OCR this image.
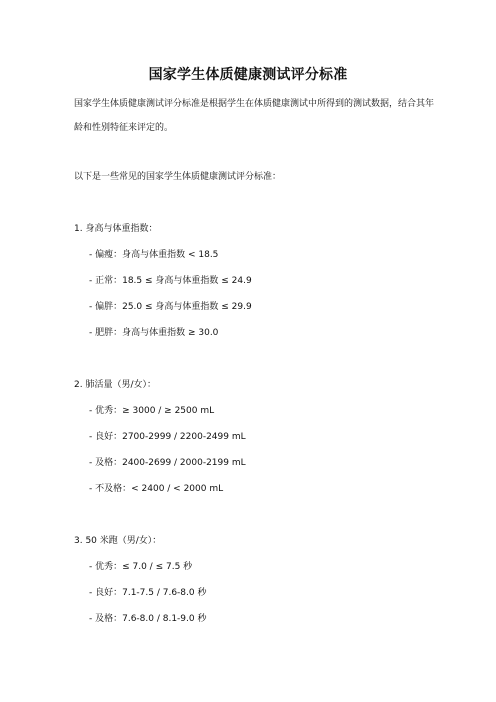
国家学生体质健康测试评分标准
国家学生体质健康测试评分标准是根据学生在体质健康测试中所得到的测试数据，结合其年龄和性别特征来评定的。
以下是一些常见的国家学生体质健康测试评分标准：
1. 身高与体重指数：
- 偏瘦：身高与体重指数 < 18.5
- 正常：18.5 ≤ 身高与体重指数 ≤ 24.9
- 偏胖：25.0 ≤ 身高与体重指数 ≤ 29.9
- 肥胖：身高与体重指数 ≥ 30.0
2. 肺活量（男/女）：
- 优秀：≥ 3000 / ≥ 2500 mL
- 良好：2700-2999 / 2200-2499 mL
- 及格：2400-2699 / 2000-2199 mL
- 不及格：< 2400 / < 2000 mL
3. 50 米跑（男/女）：
- 优秀：≤ 7.0 / ≤ 7.5 秒
- 良好：7.1-7.5 / 7.6-8.0 秒
- 及格：7.6-8.0 / 8.1-9.0 秒
